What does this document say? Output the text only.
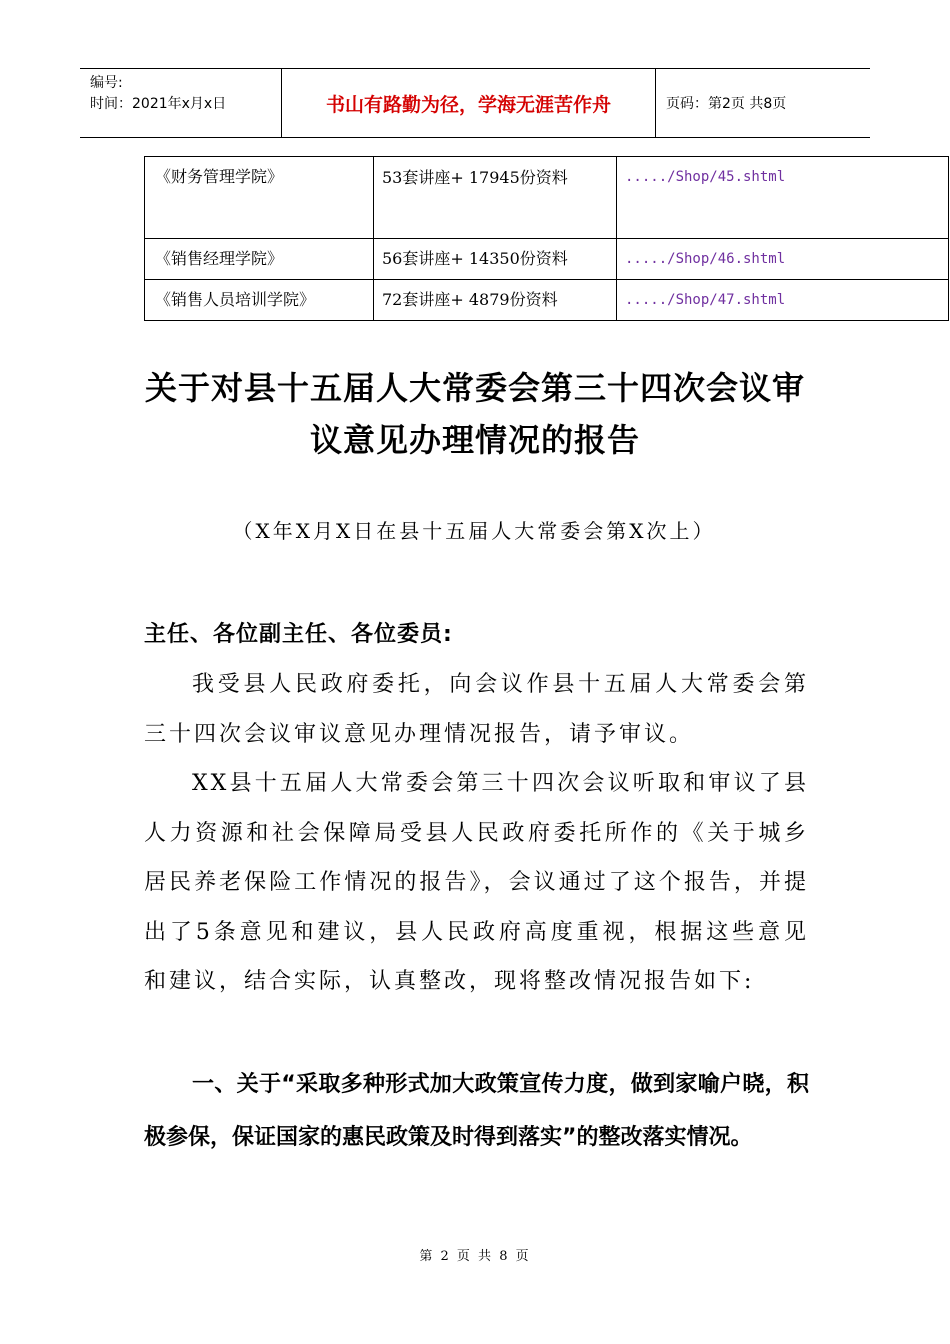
编号:
时间：2021年x月x日	书山有路勤为径，学海无涯苦作舟	页码：第2页 共8页
《财务管理学院》	53套讲座+ 17945份资料	...../Shop/45.shtml
《销售经理学院》	56套讲座+ 14350份资料	...../Shop/46.shtml
《销售人员培训学院》	72套讲座+ 4879份资料	...../Shop/47.shtml
关于对县十五届人大常委会第三十四次会议审议意见办理情况的报告
（X年X月X日在县十五届人大常委会第X次上）
主任、各位副主任、各位委员:

我受县人民政府委托，向会议作县十五届人大常委会第三十四次会议审议意见办理情况报告，请予审议。

XX县十五届人大常委会第三十四次会议听取和审议了县人力资源和社会保障局受县人民政府委托所作的《关于城乡居民养老保险工作情况的报告》，会议通过了这个报告，并提出了5条意见和建议，县人民政府高度重视，根据这些意见和建议，结合实际，认真整改，现将整改情况报告如下:

一、关于“采取多种形式加大政策宣传力度，做到家喻户晓，积极参保，保证国家的惠民政策及时得到落实”的整改落实情况。
第 2 页 共 8 页
